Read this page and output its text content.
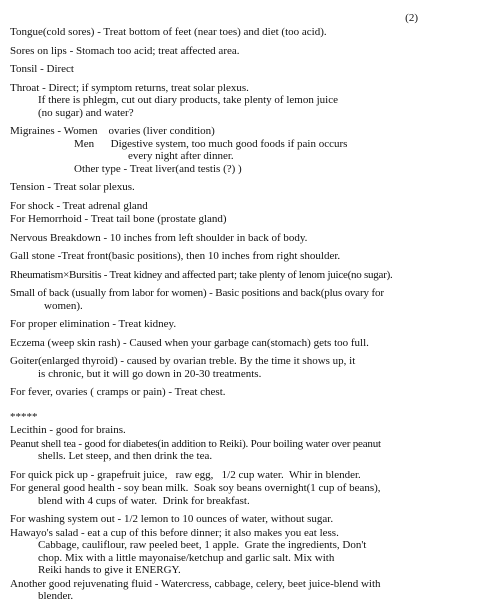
(2)

Tongue(cold sores) - Treat bottom of feet (near toes) and diet (too acid).

Sores on lips - Stomach too acid; treat affected area.

Tonsil - Direct

Throat - Direct; if symptom returns, treat solar plexus.
If there is phlegm, cut out diary products, take plenty of lemon juice
(no sugar) and water?

Migraines - Women    ovaries (liver condition)
Men      Digestive system, too much good foods if pain occurs
every night after dinner.
Other type - Treat liver(and testis (?) )

Tension - Treat solar plexus.

For shock - Treat adrenal gland

For Hemorrhoid - Treat tail bone (prostate gland)

Nervous Breakdown - 10 inches from left shoulder in back of body.

Gall stone -Treat front(basic positions), then 10 inches from right shoulder.

Rheumatism×Bursitis - Treat kidney and affected part; take plenty of lenom juice(no sugar).

Small of back (usually from labor for women) - Basic positions and back(plus ovary for
women).

For proper elimination - Treat kidney.

Eczema (weep skin rash) - Caused when your garbage can(stomach) gets too full.

Goiter(enlarged thyroid) - caused by ovarian treble. By the time it shows up, it
is chronic, but it will go down in 20-30 treatments.

For fever, ovaries ( cramps or pain) - Treat chest.

*****

Lecithin - good for brains.

Peanut shell tea - good for diabetes(in addition to Reiki). Pour boiling water over peanut
shells. Let steep, and then drink the tea.

For quick pick up - grapefruit juice,   raw egg,   1/2 cup water.  Whir in blender.

For general good health - soy bean milk.  Soak soy beans overnight(1 cup of beans),
blend with 4 cups of water.  Drink for breakfast.

For washing system out - 1/2 lemon to 10 ounces of water, without sugar.

Hawayo's salad - eat a cup of this before dinner; it also makes you eat less.
Cabbage, cauliflour, raw peeled beet, 1 apple.  Grate the ingredients, Don't
chop. Mix with a little mayonaise/ketchup and garlic salt. Mix with
Reiki hands to give it ENERGY.

Another good rejuvenating fluid - Watercress, cabbage, celery, beet juice-blend with
blender.
